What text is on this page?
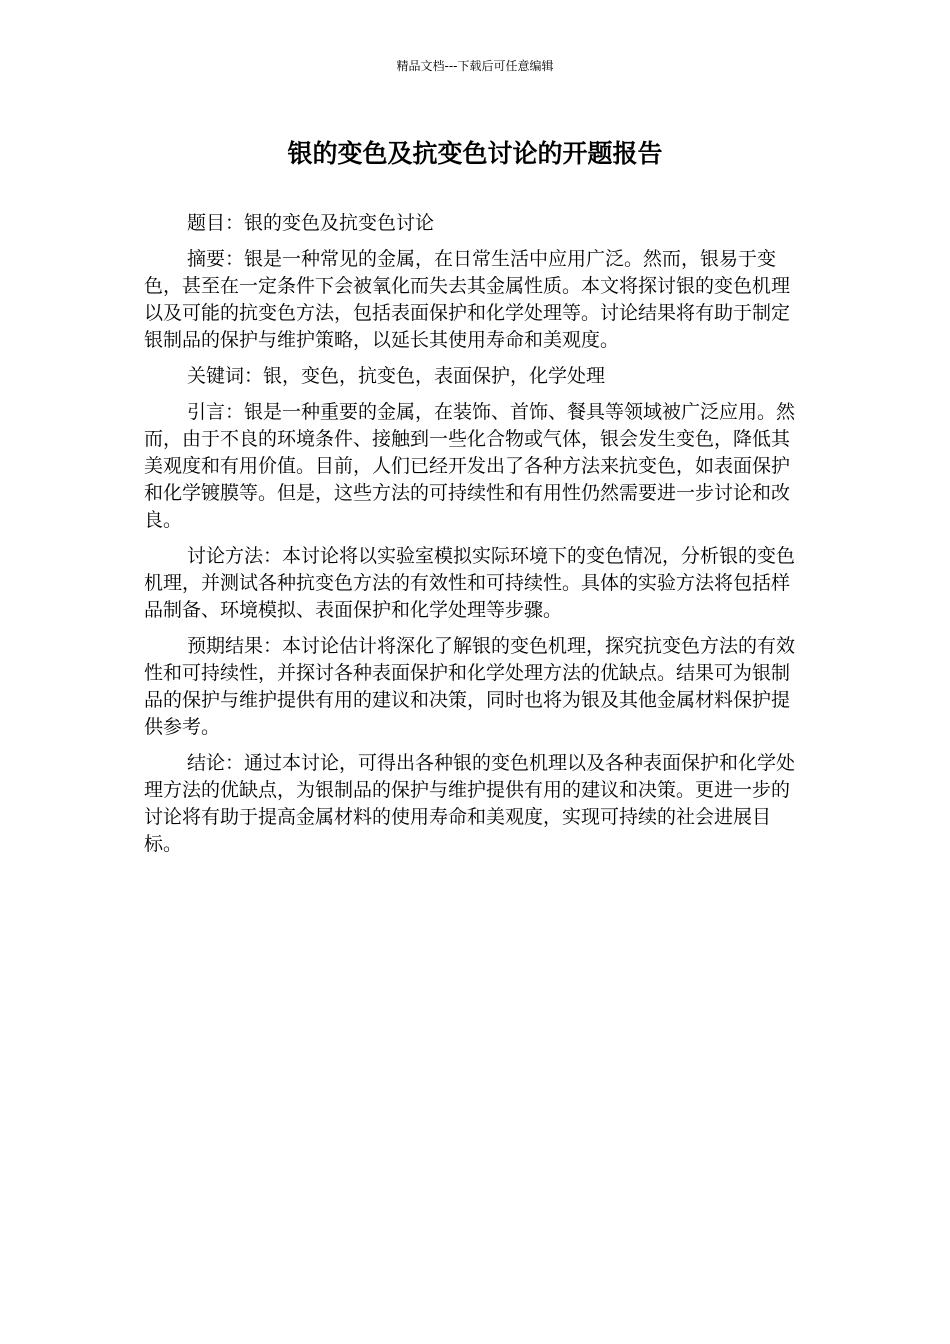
精品文档---下载后可任意编辑
银的变色及抗变色讨论的开题报告

题目：银的变色及抗变色讨论

摘要：银是一种常见的金属，在日常生活中应用广泛。然而，银易于变色，甚至在一定条件下会被氧化而失去其金属性质。本文将探讨银的变色机理以及可能的抗变色方法，包括表面保护和化学处理等。讨论结果将有助于制定银制品的保护与维护策略，以延长其使用寿命和美观度。

关键词：银，变色，抗变色，表面保护，化学处理

引言：银是一种重要的金属，在装饰、首饰、餐具等领域被广泛应用。然而，由于不良的环境条件、接触到一些化合物或气体，银会发生变色，降低其美观度和有用价值。目前，人们已经开发出了各种方法来抗变色，如表面保护和化学镀膜等。但是，这些方法的可持续性和有用性仍然需要进一步讨论和改良。

讨论方法：本讨论将以实验室模拟实际环境下的变色情况，分析银的变色机理，并测试各种抗变色方法的有效性和可持续性。具体的实验方法将包括样品制备、环境模拟、表面保护和化学处理等步骤。

预期结果：本讨论估计将深化了解银的变色机理，探究抗变色方法的有效性和可持续性，并探讨各种表面保护和化学处理方法的优缺点。结果可为银制品的保护与维护提供有用的建议和决策，同时也将为银及其他金属材料保护提供参考。

结论：通过本讨论，可得出各种银的变色机理以及各种表面保护和化学处理方法的优缺点，为银制品的保护与维护提供有用的建议和决策。更进一步的讨论将有助于提高金属材料的使用寿命和美观度，实现可持续的社会进展目标。
